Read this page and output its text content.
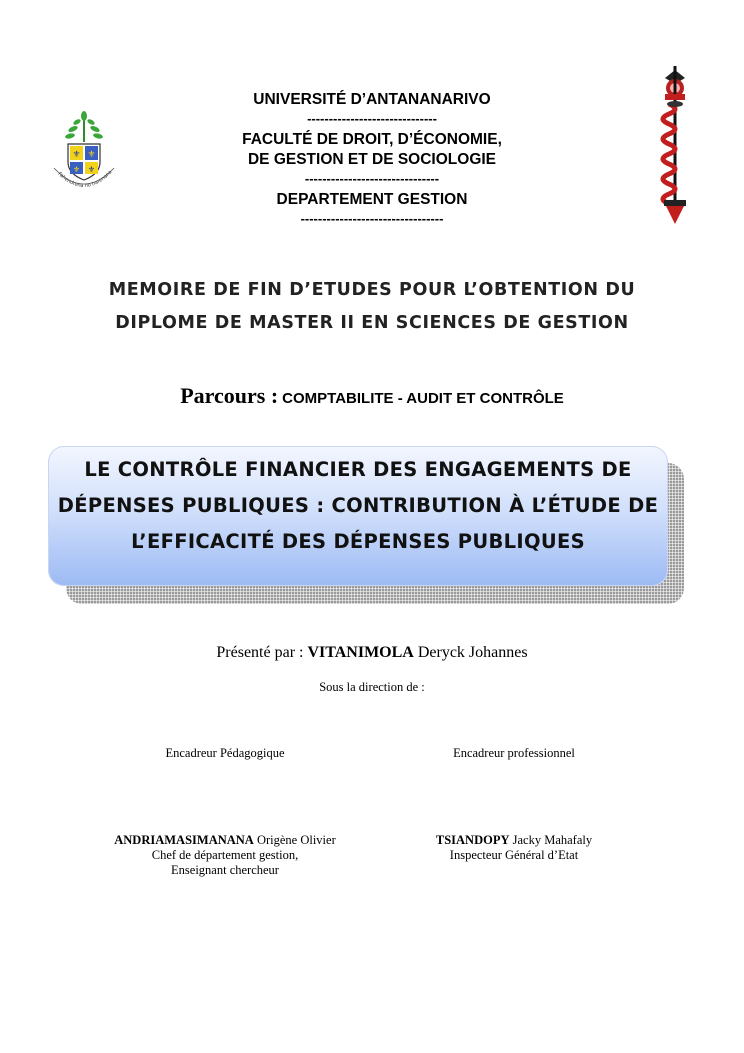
⚜ ⚜
⚜ ⚜
Fahendrena no harenana
UNIVERSITÉ D’ANTANANARIVO
------------------------------
FACULTÉ DE DROIT, D’ÉCONOMIE,
DE GESTION ET DE SOCIOLOGIE
-------------------------------
DEPARTEMENT GESTION
---------------------------------
MEMOIRE DE FIN D’ETUDES POUR L’OBTENTION DU
DIPLOME DE MASTER II EN SCIENCES DE GESTION
Parcours : COMPTABILITE - AUDIT ET CONTRÔLE
LE CONTRÔLE FINANCIER DES ENGAGEMENTS DE
DÉPENSES PUBLIQUES : CONTRIBUTION À L’ÉTUDE DE
L’EFFICACITÉ DES DÉPENSES PUBLIQUES
Présenté par : VITANIMOLA Deryck Johannes
Sous la direction de :
Encadreur Pédagogique	Encadreur professionnel
ANDRIAMASIMANANA Origène Olivier
Chef de département gestion,
Enseignant chercheur
TSIANDOPY Jacky Mahafaly
Inspecteur Général d’Etat
